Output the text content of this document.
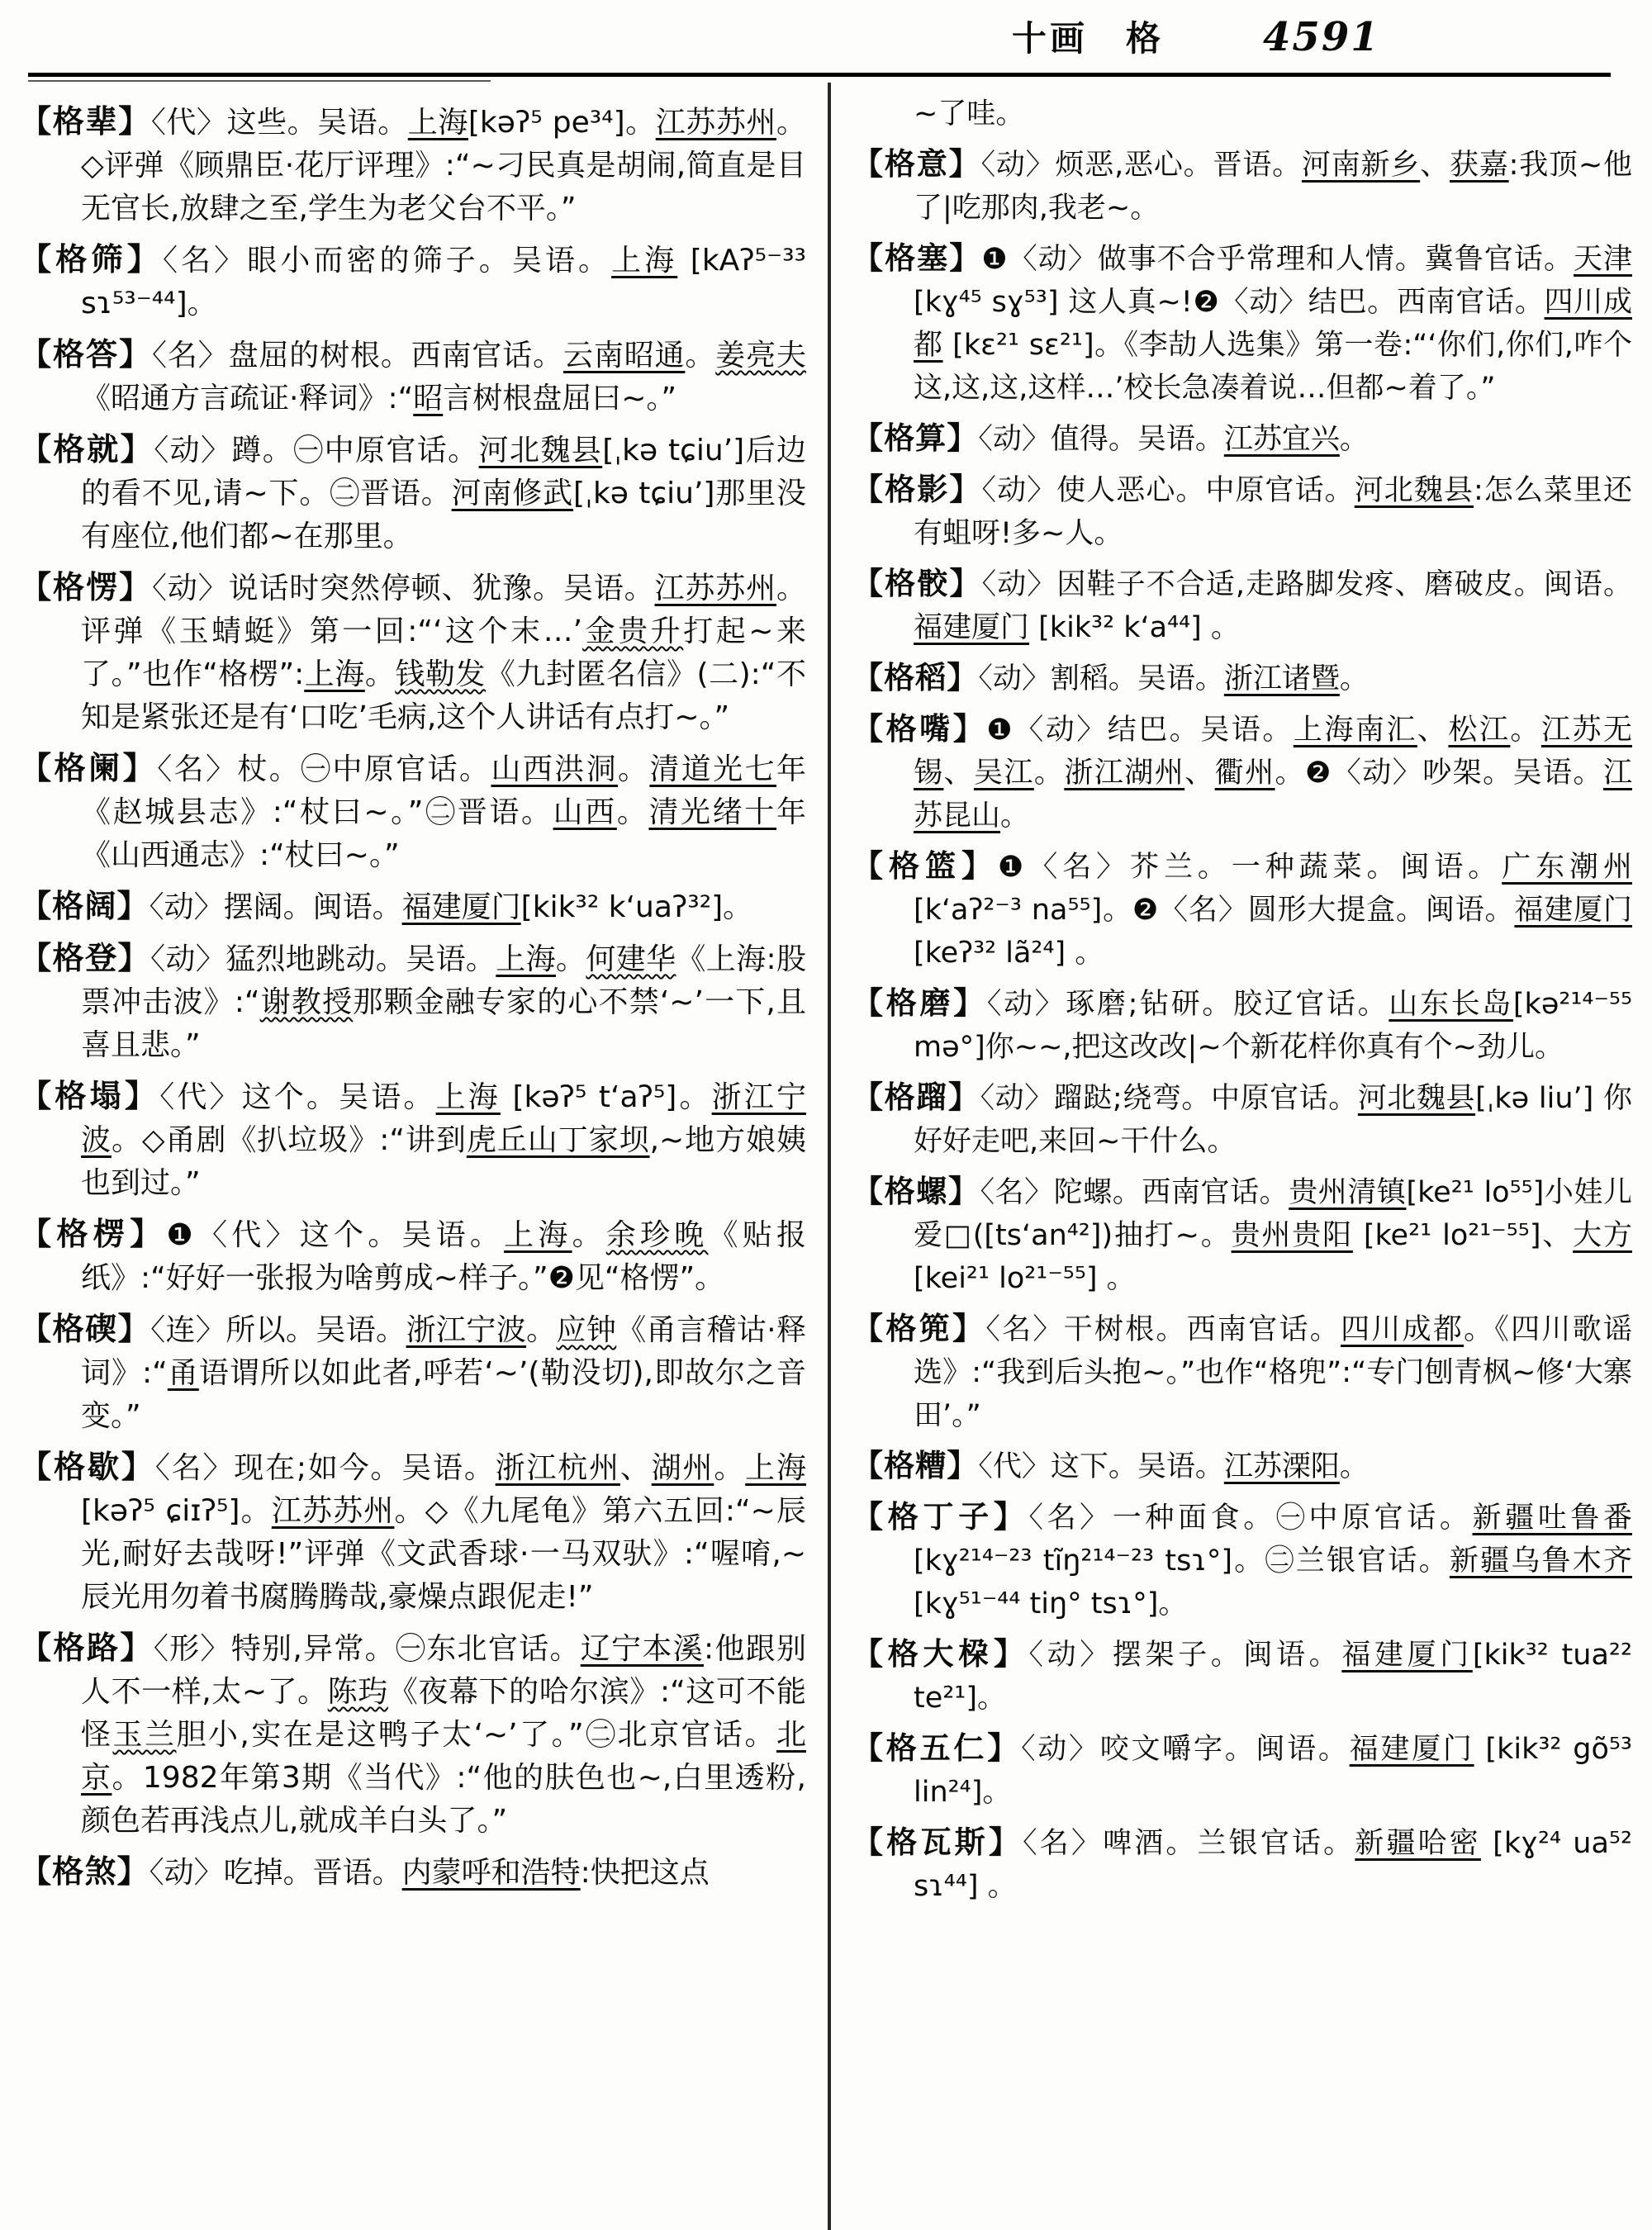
十画 格	4591

【格辈】〈代〉这些。吴语。上海[kəʔ⁵ pe³⁴]。江苏苏州。◇评弹《顾鼎臣·花厅评理》:“~刁民真是胡闹,简直是目无官长,放肆之至,学生为老父台不平。”

【格筛】〈名〉眼小而密的筛子。吴语。上海 [kAʔ⁵⁻³³ sɿ⁵³⁻⁴⁴]。

【格答】〈名〉盘屈的树根。西南官话。云南昭通。姜亮夫《昭通方言疏证·释词》:“昭言树根盘屈曰~。”

【格就】〈动〉蹲。㊀中原官话。河北魏县[ˌkə tɕiuʼ]后边的看不见,请~下。㊁晋语。河南修武[ˌkə tɕiuʼ]那里没有座位,他们都~在那里。

【格愣】〈动〉说话时突然停顿、犹豫。吴语。江苏苏州。评弹《玉蜻蜓》第一回:“‘这个末…’金贵升打起~来了。”也作“格楞”:上海。钱勒发《九封匿名信》(二):“不知是紧张还是有‘口吃’毛病,这个人讲话有点打~。”

【格阑】〈名〉杖。㊀中原官话。山西洪洞。清道光七年《赵城县志》:“杖曰~。”㊁晋语。山西。清光绪十年《山西通志》:“杖曰~。”

【格阔】〈动〉摆阔。闽语。福建厦门[kik³² k‘uaʔ³²]。

【格登】〈动〉猛烈地跳动。吴语。上海。何建华《上海:股票冲击波》:“谢教授那颗金融专家的心不禁‘~’一下,且喜且悲。”

【格塌】〈代〉这个。吴语。上海 [kəʔ⁵ t‘aʔ⁵]。浙江宁波。◇甬剧《扒垃圾》:“讲到虎丘山丁家坝,~地方娘姨也到过。”

【格楞】❶〈代〉这个。吴语。上海。余珍晚《贴报纸》:“好好一张报为啥剪成~样子。”❷见“格愣”。

【格碶】〈连〉所以。吴语。浙江宁波。应钟《甬言稽诂·释词》:“甬语谓所以如此者,呼若‘~’(勒没切),即故尔之音变。”

【格歇】〈名〉现在;如今。吴语。浙江杭州、湖州。上海 [kəʔ⁵ ɕiɪʔ⁵]。江苏苏州。◇《九尾龟》第六五回:“~辰光,耐好去哉呀!”评弹《文武香球·一马双驮》:“喔唷,~辰光用勿着书腐腾腾哉,豪燥点跟伲走!”

【格路】〈形〉特别,异常。㊀东北官话。辽宁本溪:他跟别人不一样,太~了。陈玙《夜幕下的哈尔滨》:“这可不能怪玉兰胆小,实在是这鸭子太‘~’了。”㊁北京官话。北京。1982年第3期《当代》:“他的肤色也~,白里透粉,颜色若再浅点儿,就成羊白头了。”

【格煞】〈动〉吃掉。晋语。内蒙呼和浩特:快把这点

~了哇。

【格意】〈动〉烦恶,恶心。晋语。河南新乡、获嘉:我顶~他了|吃那肉,我老~。

【格塞】❶〈动〉做事不合乎常理和人情。冀鲁官话。天津 [kɣ⁴⁵ sɣ⁵³] 这人真~!❷〈动〉结巴。西南官话。四川成都 [kɛ²¹ sɛ²¹]。《李劼人选集》第一卷:“‘你们,你们,咋个这,这,这,这样…’校长急凑着说…但都~着了。”

【格算】〈动〉值得。吴语。江苏宜兴。

【格影】〈动〉使人恶心。中原官话。河北魏县:怎么菜里还有蛆呀!多~人。

【格骹】〈动〉因鞋子不合适,走路脚发疼、磨破皮。闽语。福建厦门 [kik³² k‘a⁴⁴] 。

【格稻】〈动〉割稻。吴语。浙江诸暨。

【格嘴】❶〈动〉结巴。吴语。上海南汇、松江。江苏无锡、吴江。浙江湖州、衢州。❷〈动〉吵架。吴语。江苏昆山。

【格篮】❶〈名〉芥兰。一种蔬菜。闽语。广东潮州 [k‘aʔ²⁻³ na⁵⁵]。❷〈名〉圆形大提盒。闽语。福建厦门 [keʔ³² lã²⁴] 。

【格磨】〈动〉琢磨;钻研。胶辽官话。山东长岛[kə²¹⁴⁻⁵⁵ mə°]你~~,把这改改|~个新花样你真有个~劲儿。

【格蹓】〈动〉蹓跶;绕弯。中原官话。河北魏县[ˌkə liuʼ] 你好好走吧,来回~干什么。

【格螺】〈名〉陀螺。西南官话。贵州清镇[ke²¹ lo⁵⁵]小娃儿爱□([ts‘an⁴²])抽打~。贵州贵阳 [ke²¹ lo²¹⁻⁵⁵]、大方 [kei²¹ lo²¹⁻⁵⁵] 。

【格篼】〈名〉干树根。西南官话。四川成都。《四川歌谣选》:“我到后头抱~。”也作“格兜”:“专门刨青枫~修‘大寨田’。”

【格糟】〈代〉这下。吴语。江苏溧阳。

【格丁子】〈名〉一种面食。㊀中原官话。新疆吐鲁番[kɣ²¹⁴⁻²³ tĩŋ²¹⁴⁻²³ tsɿ°]。㊁兰银官话。新疆乌鲁木齐 [kɣ⁵¹⁻⁴⁴ tiŋ° tsɿ°]。

【格大桗】〈动〉摆架子。闽语。福建厦门[kik³² tua²² te²¹]。

【格五仁】〈动〉咬文嚼字。闽语。福建厦门 [kik³² gõ⁵³ lin²⁴]。

【格瓦斯】〈名〉啤酒。兰银官话。新疆哈密 [kɣ²⁴ ua⁵² sɿ⁴⁴] 。
